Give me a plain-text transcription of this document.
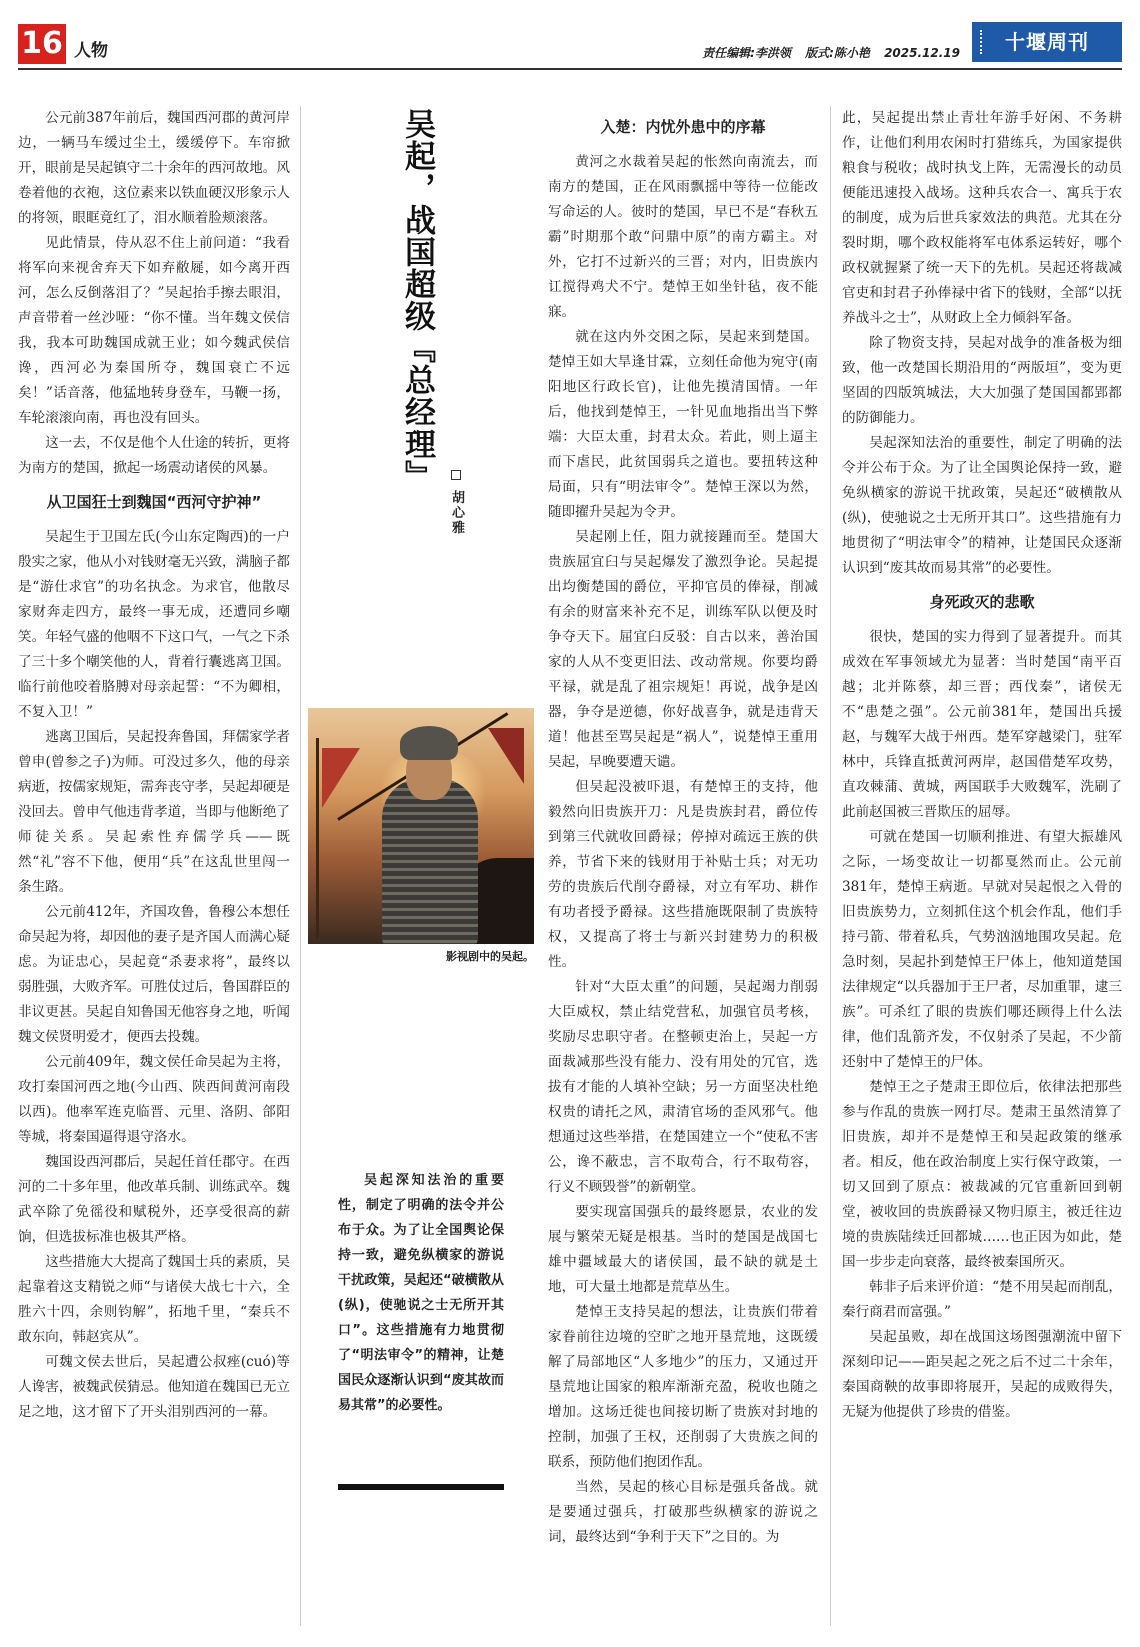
16 人物	责任编辑:李洪领 版式:陈小艳 2025.12.19	十堰周刊

公元前387年前后，魏国西河郡的黄河岸边，一辆马车缓过尘土，缓缓停下。车帘掀开，眼前是吴起镇守二十余年的西河故地。风卷着他的衣袍，这位素来以铁血硬汉形象示人的将领，眼眶竟红了，泪水顺着脸颊滚落。

见此情景，侍从忍不住上前问道：“我看将军向来视舍弃天下如弃敝屣，如今离开西河，怎么反倒落泪了？”吴起抬手擦去眼泪，声音带着一丝沙哑：“你不懂。当年魏文侯信我，我本可助魏国成就王业；如今魏武侯信谗，西河必为秦国所夺，魏国衰亡不远矣！”话音落，他猛地转身登车，马鞭一扬，车轮滚滚向南，再也没有回头。

这一去，不仅是他个人仕途的转折，更将为南方的楚国，掀起一场震动诸侯的风暴。

从卫国狂士到魏国“西河守护神”

吴起生于卫国左氏(今山东定陶西)的一户殷实之家，他从小对钱财毫无兴致，满脑子都是“游仕求官”的功名执念。为求官，他散尽家财奔走四方，最终一事无成，还遭同乡嘲笑。年轻气盛的他咽不下这口气，一气之下杀了三十多个嘲笑他的人，背着行囊逃离卫国。临行前他咬着胳膊对母亲起誓：“不为卿相，不复入卫！”

逃离卫国后，吴起投奔鲁国，拜儒家学者曾申(曾参之子)为师。可没过多久，他的母亲病逝，按儒家规矩，需奔丧守孝，吴起却硬是没回去。曾申气他违背孝道，当即与他断绝了师徒关系。吴起索性弃儒学兵——既然“礼”容不下他，便用“兵”在这乱世里闯一条生路。

公元前412年，齐国攻鲁，鲁穆公本想任命吴起为将，却因他的妻子是齐国人而满心疑虑。为证忠心，吴起竟“杀妻求将”，最终以弱胜强，大败齐军。可胜仗过后，鲁国群臣的非议更甚。吴起自知鲁国无他容身之地，听闻魏文侯贤明爱才，便西去投魏。

公元前409年，魏文侯任命吴起为主将，攻打秦国河西之地(今山西、陕西间黄河南段以西)。他率军连克临晋、元里、洛阴、郃阳等城，将秦国逼得退守洛水。

魏国设西河郡后，吴起任首任郡守。在西河的二十多年里，他改革兵制、训练武卒。魏武卒除了免徭役和赋税外，还享受很高的薪饷，但选拔标准也极其严格。

这些措施大大提高了魏国士兵的素质，吴起靠着这支精锐之师“与诸侯大战七十六，全胜六十四，余则钧解”，拓地千里，“秦兵不敢东向，韩赵宾从”。

可魏文侯去世后，吴起遭公叔痤(cuó)等人谗害，被魏武侯猜忌。他知道在魏国已无立足之地，这才留下了开头泪别西河的一幕。

吴起，战国超级『总经理』
胡心雅
影视剧中的吴起。

吴起深知法治的重要性，制定了明确的法令并公布于众。为了让全国舆论保持一致，避免纵横家的游说干扰政策，吴起还“破横散从(纵)，使驰说之士无所开其口”。这些措施有力地贯彻了“明法审令”的精神，让楚国民众逐渐认识到“废其故而易其常”的必要性。

入楚：内忧外患中的序幕

黄河之水裁着吴起的怅然向南流去，而南方的楚国，正在风雨飘摇中等待一位能改写命运的人。彼时的楚国，早已不是“春秋五霸”时期那个敢“问鼎中原”的南方霸主。对外，它打不过新兴的三晋；对内，旧贵族内讧搅得鸡犬不宁。楚悼王如坐针毡，夜不能寐。

就在这内外交困之际，吴起来到楚国。楚悼王如大旱逢甘霖，立刻任命他为宛守(南阳地区行政长官)，让他先摸清国情。一年后，他找到楚悼王，一针见血地指出当下弊端：大臣太重，封君太众。若此，则上逼主而下虐民，此贫国弱兵之道也。要扭转这种局面，只有“明法审令”。楚悼王深以为然，随即擢升吴起为令尹。

吴起刚上任，阻力就接踵而至。楚国大贵族屈宜臼与吴起爆发了激烈争论。吴起提出均衡楚国的爵位，平抑官员的俸禄，削减有余的财富来补充不足，训练军队以便及时争夺天下。屈宜臼反驳：自古以来，善治国家的人从不变更旧法、改动常规。你要均爵平禄，就是乱了祖宗规矩！再说，战争是凶器，争夺是逆德，你好战喜争，就是违背天道！他甚至骂吴起是“祸人”，说楚悼王重用吴起，早晚要遭天谴。

但吴起没被吓退，有楚悼王的支持，他毅然向旧贵族开刀：凡是贵族封君，爵位传到第三代就收回爵禄；停掉对疏远王族的供养，节省下来的钱财用于补贴士兵；对无功劳的贵族后代削夺爵禄，对立有军功、耕作有功者授予爵禄。这些措施既限制了贵族特权，又提高了将士与新兴封建势力的积极性。

针对“大臣太重”的问题，吴起竭力削弱大臣威权，禁止结党营私，加强官员考核，奖励尽忠职守者。在整顿吏治上，吴起一方面裁减那些没有能力、没有用处的冗官，选拔有才能的人填补空缺；另一方面坚决杜绝权贵的请托之风，肃清官场的歪风邪气。他想通过这些举措，在楚国建立一个“使私不害公，谗不蔽忠，言不取苟合，行不取苟容，行义不顾毁誉”的新朝堂。

要实现富国强兵的最终愿景，农业的发展与繁荣无疑是根基。当时的楚国是战国七雄中疆域最大的诸侯国，最不缺的就是土地，可大量土地都是荒草丛生。

楚悼王支持吴起的想法，让贵族们带着家眷前往边境的空旷之地开垦荒地，这既缓解了局部地区“人多地少”的压力，又通过开垦荒地让国家的粮库渐渐充盈，税收也随之增加。这场迁徙也间接切断了贵族对封地的控制，加强了王权，还削弱了大贵族之间的联系，预防他们抱团作乱。

当然，吴起的核心目标是强兵备战。就是要通过强兵，打破那些纵横家的游说之词，最终达到“争利于天下”之目的。为

此，吴起提出禁止青壮年游手好闲、不务耕作，让他们利用农闲时打猎练兵，为国家提供粮食与税收；战时执戈上阵，无需漫长的动员便能迅速投入战场。这种兵农合一、寓兵于农的制度，成为后世兵家效法的典范。尤其在分裂时期，哪个政权能将军屯体系运转好，哪个政权就握紧了统一天下的先机。吴起还将裁减官吏和封君子孙俸禄中省下的钱财，全部“以抚养战斗之士”，从财政上全力倾斜军备。

除了物资支持，吴起对战争的准备极为细致，他一改楚国长期沿用的“两版垣”，变为更坚固的四版筑城法，大大加强了楚国国都郢都的防御能力。

吴起深知法治的重要性，制定了明确的法令并公布于众。为了让全国舆论保持一致，避免纵横家的游说干扰政策，吴起还“破横散从(纵)，使驰说之士无所开其口”。这些措施有力地贯彻了“明法审令”的精神，让楚国民众逐渐认识到“废其故而易其常”的必要性。

身死政灭的悲歌

很快，楚国的实力得到了显著提升。而其成效在军事领域尤为显著：当时楚国“南平百越；北并陈蔡，却三晋；西伐秦”，诸侯无不“患楚之强”。公元前381年，楚国出兵援赵，与魏军大战于州西。楚军穿越梁门，驻军林中，兵锋直抵黄河两岸，赵国借楚军攻势，直攻棘蒲、黄城，两国联手大败魏军，洗刷了此前赵国被三晋欺压的屈辱。

可就在楚国一切顺利推进、有望大振雄风之际，一场变故让一切都戛然而止。公元前381年，楚悼王病逝。早就对吴起恨之入骨的旧贵族势力，立刻抓住这个机会作乱，他们手持弓箭、带着私兵，气势汹汹地围攻吴起。危急时刻，吴起扑到楚悼王尸体上，他知道楚国法律规定“以兵器加于王尸者，尽加重罪，逮三族”。可杀红了眼的贵族们哪还顾得上什么法律，他们乱箭齐发，不仅射杀了吴起，不少箭还射中了楚悼王的尸体。

楚悼王之子楚肃王即位后，依律法把那些参与作乱的贵族一网打尽。楚肃王虽然清算了旧贵族，却并不是楚悼王和吴起政策的继承者。相反，他在政治制度上实行保守政策，一切又回到了原点：被裁减的冗官重新回到朝堂，被收回的贵族爵禄又物归原主，被迁往边境的贵族陆续迁回都城……也正因为如此，楚国一步步走向衰落，最终被秦国所灭。

韩非子后来评价道：“楚不用吴起而削乱，秦行商君而富强。”

吴起虽败，却在战国这场图强潮流中留下深刻印记——距吴起之死之后不过二十余年，秦国商鞅的故事即将展开，吴起的成败得失，无疑为他提供了珍贵的借鉴。
